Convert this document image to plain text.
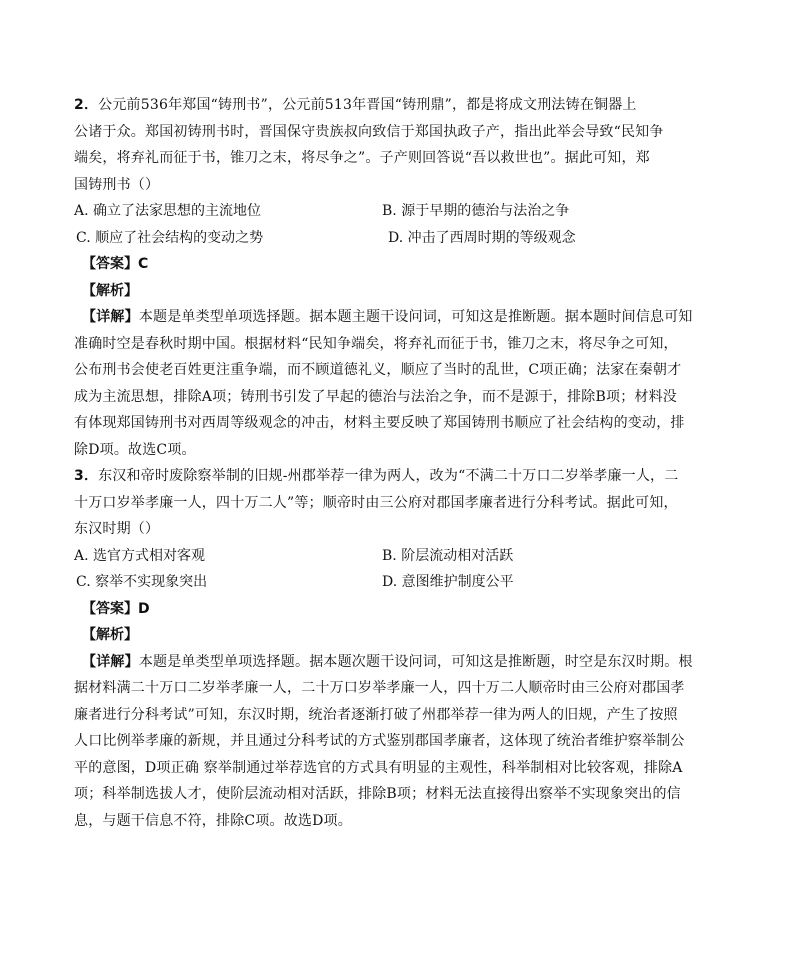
2．公元前536年郑国“铸刑书”，公元前513年晋国“铸刑鼎”，都是将成文刑法铸在铜器上
公诸于众。郑国初铸刑书时，晋国保守贵族叔向致信于郑国执政子产，指出此举会导致“民知争
端矣，将弃礼而征于书，锥刀之末，将尽争之”。子产则回答说“吾以救世也”。据此可知，郑
国铸刑书（）
A. 确立了法家思想的主流地位	B. 源于早期的德治与法治之争
C. 顺应了社会结构的变动之势	D. 冲击了西周时期的等级观念
【答案】C
【解析】
【详解】本题是单类型单项选择题。据本题主题干设问词，可知这是推断题。据本题时间信息可知
准确时空是春秋时期中国。根据材料“民知争端矣，将弃礼而征于书，锥刀之末，将尽争之可知，
公布刑书会使老百姓更注重争端，而不顾道德礼义，顺应了当时的乱世，C项正确；法家在秦朝才
成为主流思想，排除A项；铸刑书引发了早起的德治与法治之争，而不是源于，排除B项；材料没
有体现郑国铸刑书对西周等级观念的冲击，材料主要反映了郑国铸刑书顺应了社会结构的变动，排
除D项。故选C项。
3．东汉和帝时废除察举制的旧规-州郡举荐一律为两人，改为“不满二十万口二岁举孝廉一人，二
十万口岁举孝廉一人，四十万二人”等；顺帝时由三公府对郡国孝廉者进行分科考试。据此可知，
东汉时期（）
A. 选官方式相对客观	B. 阶层流动相对活跃
C. 察举不实现象突出	D. 意图维护制度公平
【答案】D
【解析】
【详解】本题是单类型单项选择题。据本题次题干设问词，可知这是推断题，时空是东汉时期。根
据材料满二十万口二岁举孝廉一人，二十万口岁举孝廉一人，四十万二人顺帝时由三公府对郡国孝
廉者进行分科考试”可知，东汉时期，统治者逐渐打破了州郡举荐一律为两人的旧规，产生了按照
人口比例举孝廉的新规，并且通过分科考试的方式鉴别郡国孝廉者，这体现了统治者维护察举制公
平的意图，D项正确 察举制通过举荐选官的方式具有明显的主观性，科举制相对比较客观，排除A
项；科举制选拔人才，使阶层流动相对活跃，排除B项；材料无法直接得出察举不实现象突出的信
息，与题干信息不符，排除C项。故选D项。
